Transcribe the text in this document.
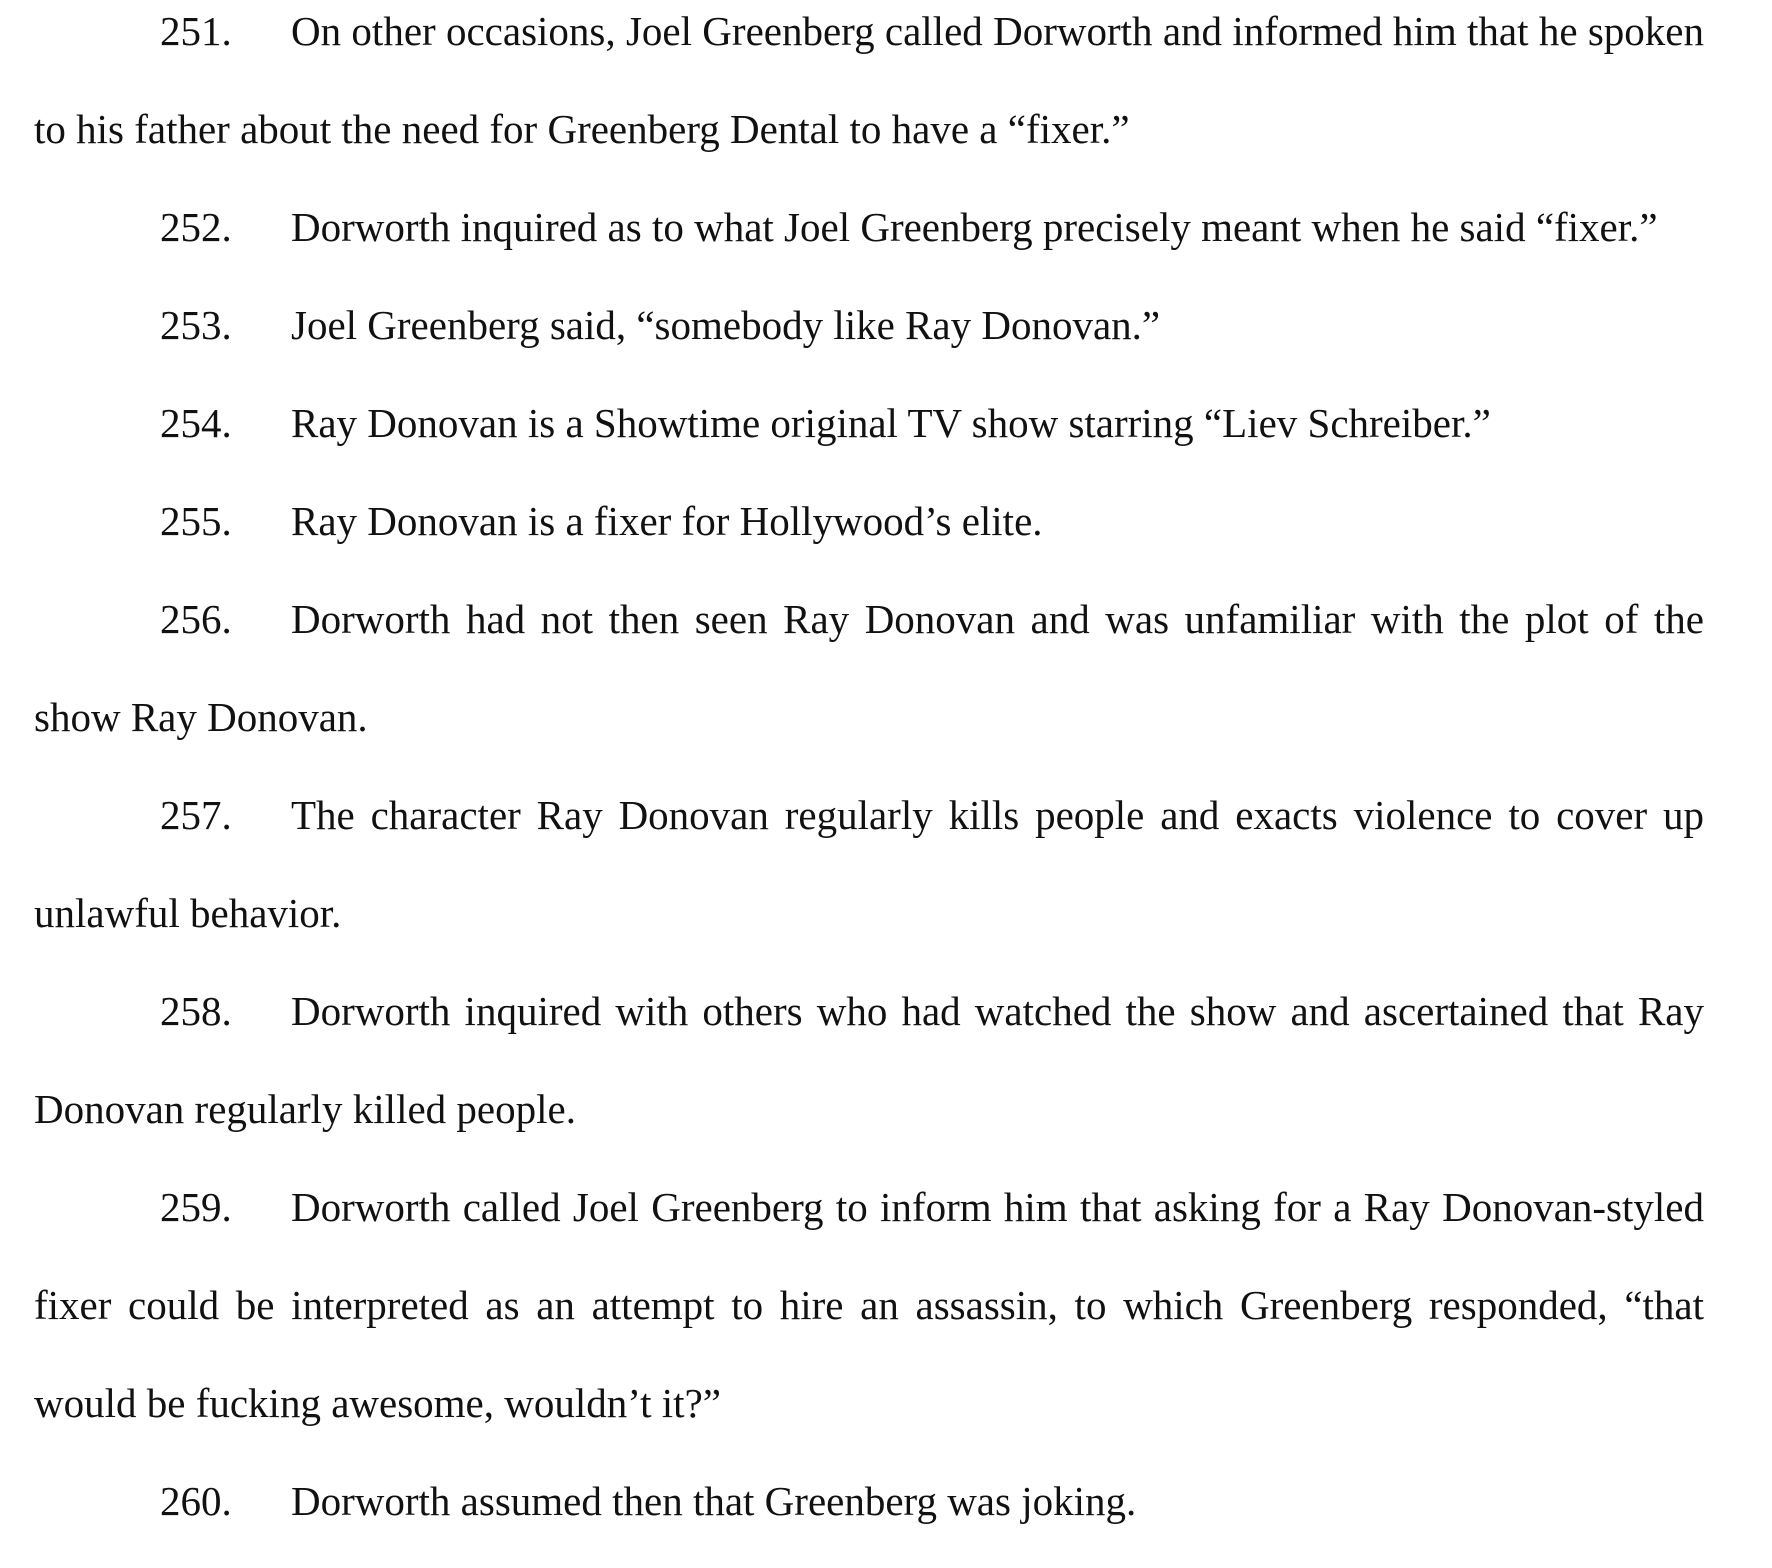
251. On other occasions, Joel Greenberg called Dorworth and informed him that he spoken to his father about the need for Greenberg Dental to have a “fixer.”

252. Dorworth inquired as to what Joel Greenberg precisely meant when he said “fixer.”

253. Joel Greenberg said, “somebody like Ray Donovan.”

254. Ray Donovan is a Showtime original TV show starring “Liev Schreiber.”

255. Ray Donovan is a fixer for Hollywood’s elite.

256. Dorworth had not then seen Ray Donovan and was unfamiliar with the plot of the show Ray Donovan.

257. The character Ray Donovan regularly kills people and exacts violence to cover up unlawful behavior.

258. Dorworth inquired with others who had watched the show and ascertained that Ray Donovan regularly killed people.

259. Dorworth called Joel Greenberg to inform him that asking for a Ray Donovan-styled fixer could be interpreted as an attempt to hire an assassin, to which Greenberg responded, “that would be fucking awesome, wouldn’t it?”

260. Dorworth assumed then that Greenberg was joking.
